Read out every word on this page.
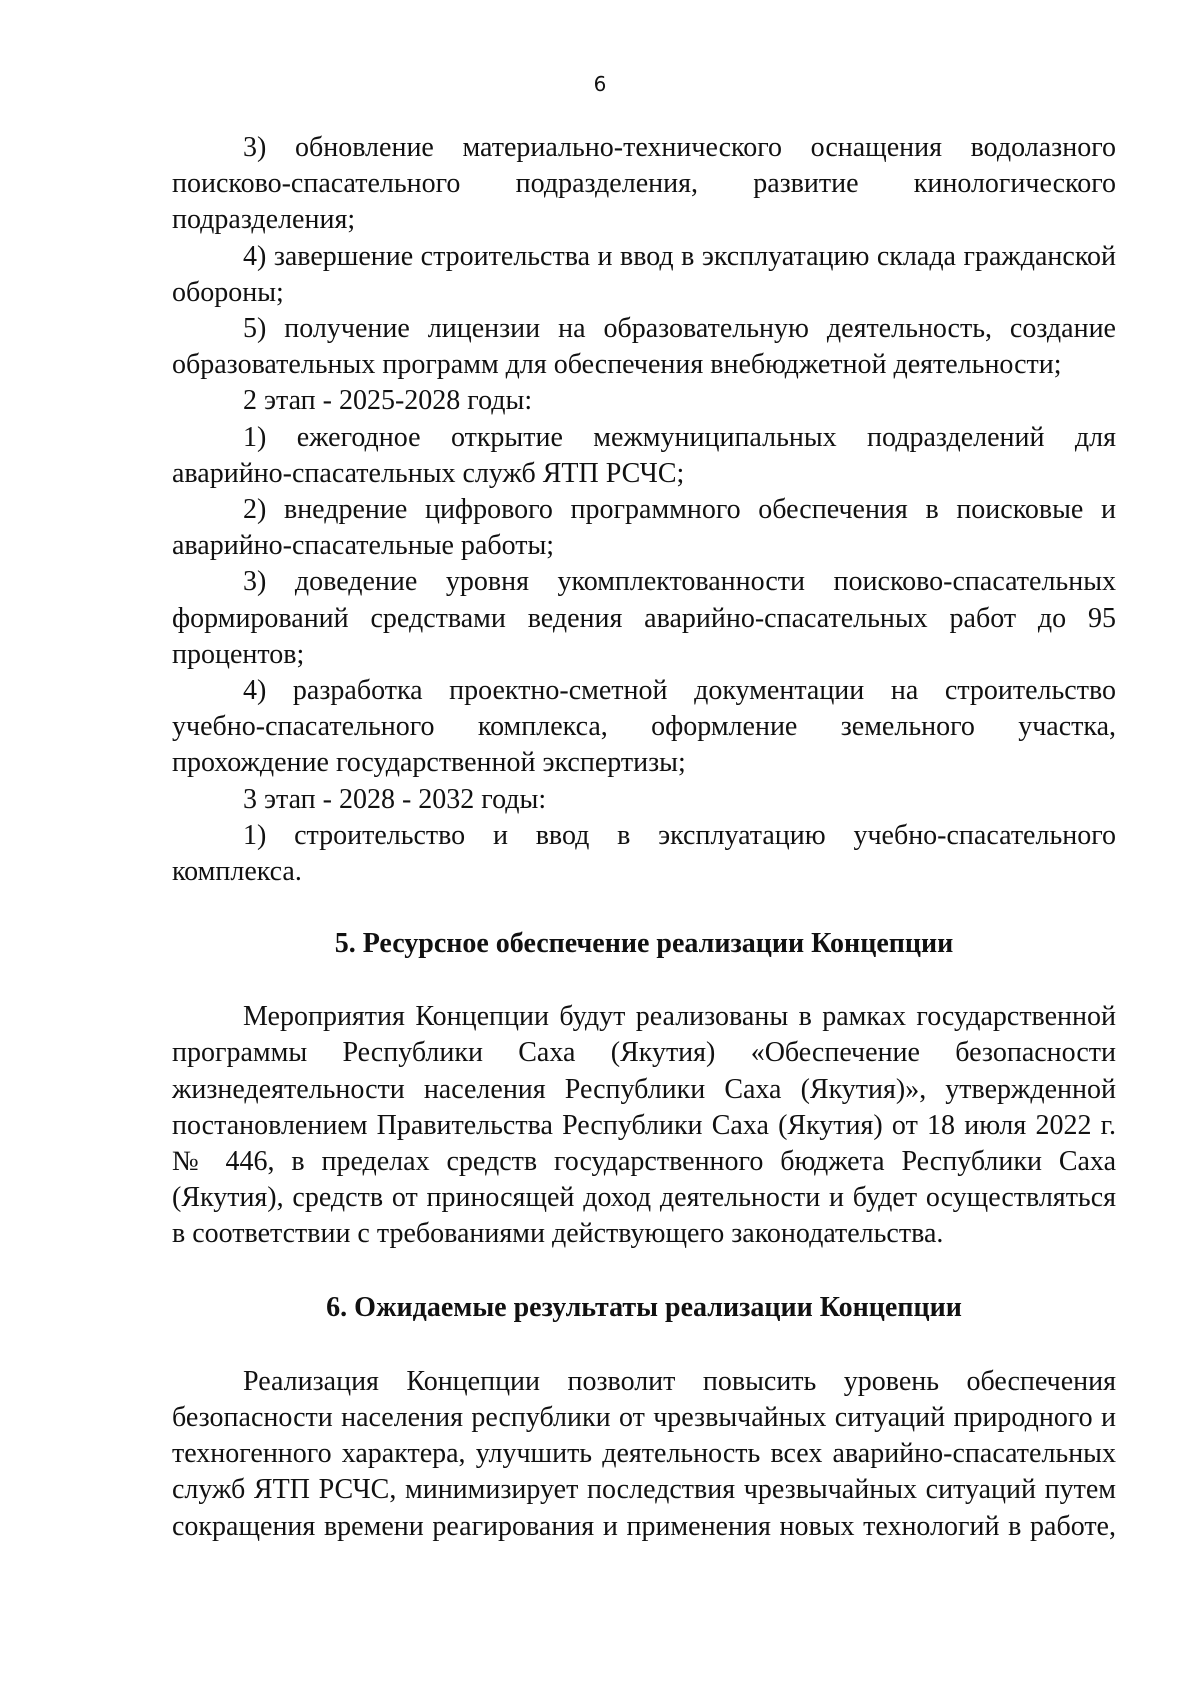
6

3) обновление материально-технического оснащения водолазного поисково-спасательного подразделения, развитие кинологического подразделения;

4) завершение строительства и ввод в эксплуатацию склада гражданской обороны;

5) получение лицензии на образовательную деятельность, создание образовательных программ для обеспечения внебюджетной деятельности;

2 этап - 2025-2028 годы:

1) ежегодное открытие межмуниципальных подразделений для аварийно-спасательных служб ЯТП РСЧС;

2) внедрение цифрового программного обеспечения в поисковые и аварийно-спасательные работы;

3) доведение уровня укомплектованности поисково-спасательных формирований средствами ведения аварийно-спасательных работ до 95 процентов;

4) разработка проектно-сметной документации на строительство учебно-спасательного комплекса, оформление земельного участка, прохождение государственной экспертизы;

3 этап - 2028 - 2032 годы:

1) строительство и ввод в эксплуатацию учебно-спасательного комплекса.

5. Ресурсное обеспечение реализации Концепции

Мероприятия Концепции будут реализованы в рамках государственной программы Республики Саха (Якутия) «Обеспечение безопасности жизнедеятельности населения Республики Саха (Якутия)», утвержденной постановлением Правительства Республики Саха (Якутия) от 18 июля 2022 г. № 446, в пределах средств государственного бюджета Республики Саха (Якутия), средств от приносящей доход деятельности и будет осуществляться в соответствии с требованиями действующего законодательства.

6. Ожидаемые результаты реализации Концепции

Реализация Концепции позволит повысить уровень обеспечения безопасности населения республики от чрезвычайных ситуаций природного и техногенного характера, улучшить деятельность всех аварийно-спасательных служб ЯТП РСЧС, минимизирует последствия чрезвычайных ситуаций путем сокращения времени реагирования и применения новых технологий в работе,
